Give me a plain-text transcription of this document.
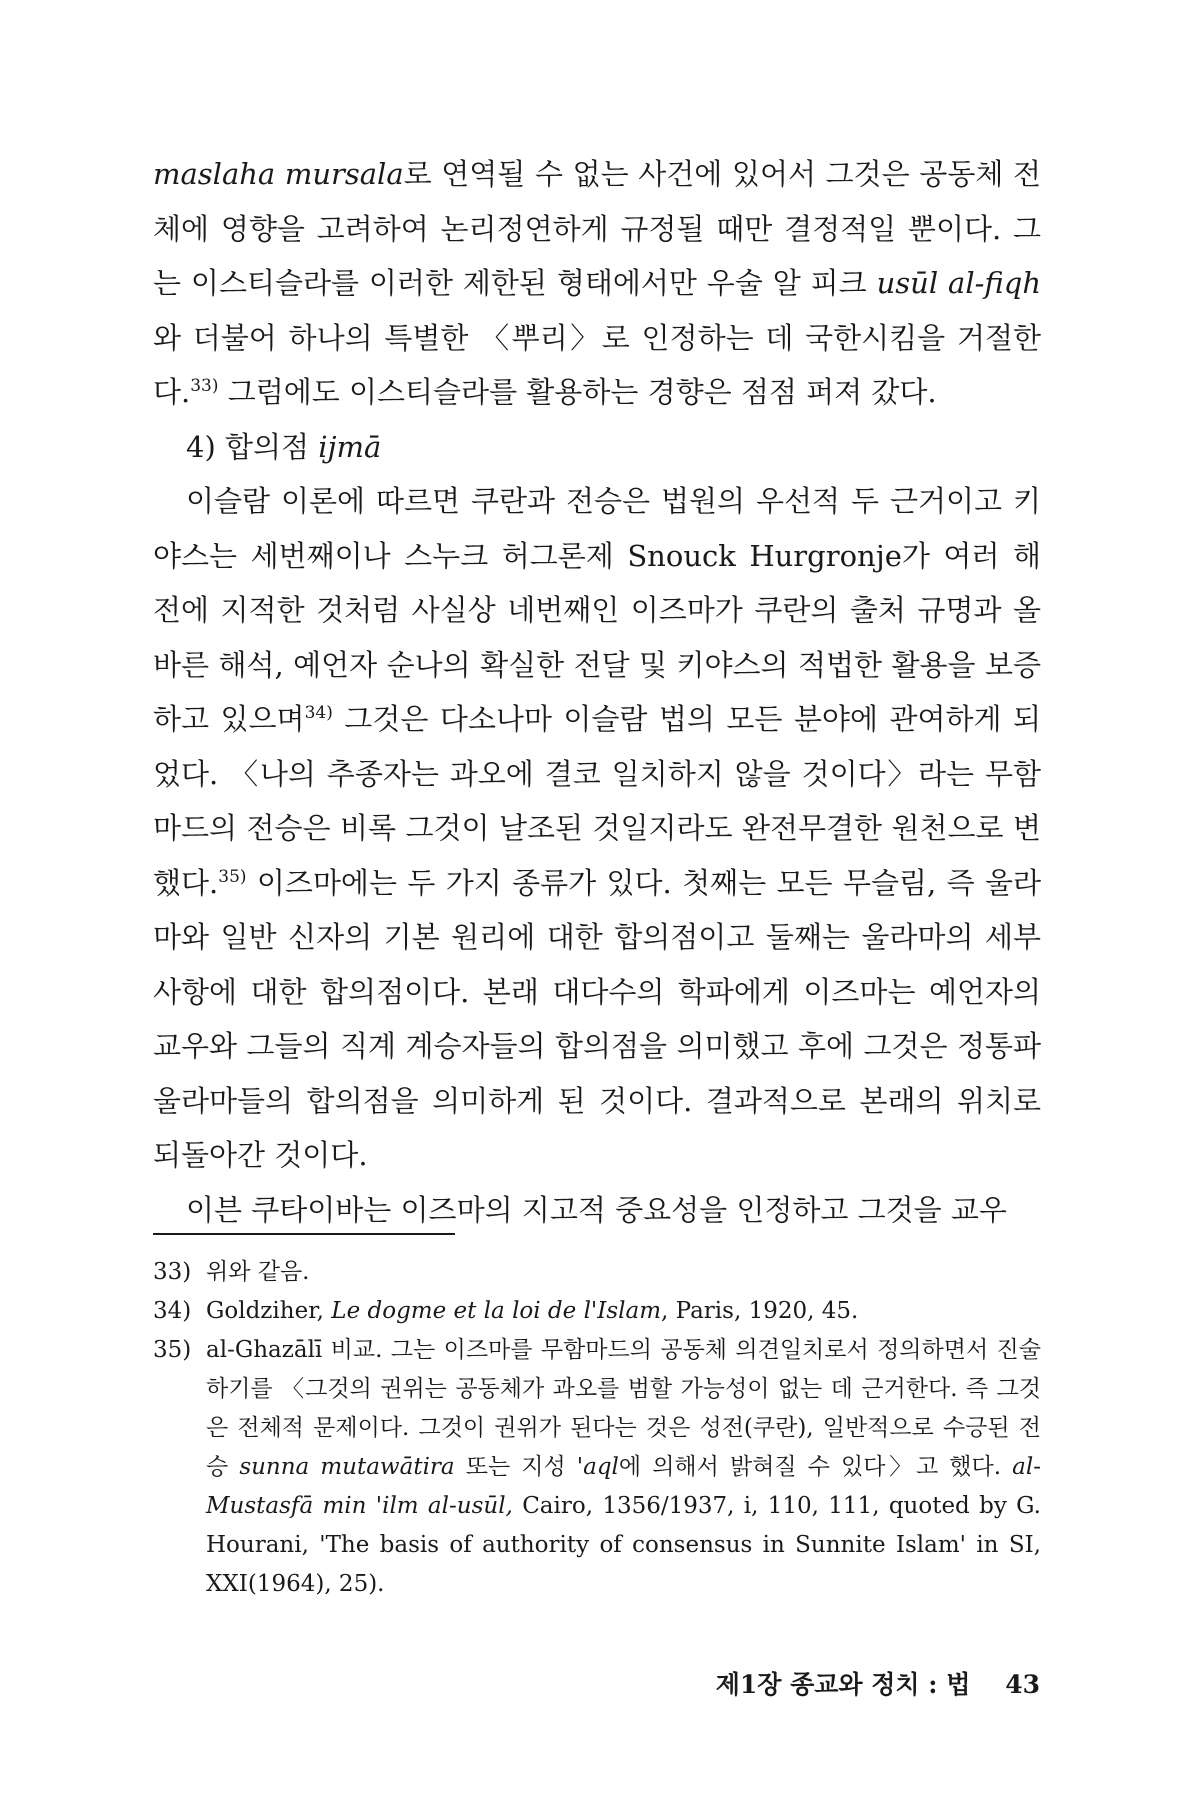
maslaha mursala로 연역될 수 없는 사건에 있어서 그것은 공동체 전체에 영향을 고려하여 논리정연하게 규정될 때만 결정적일 뿐이다. 그는 이스티슬라를 이러한 제한된 형태에서만 우술 알 피크 usūl al-fiqh와 더불어 하나의 특별한 〈뿌리〉로 인정하는 데 국한시킴을 거절한다.$^{33)}$ 그럼에도 이스티슬라를 활용하는 경향은 점점 퍼져 갔다.

4) 합의점 ijmā

이슬람 이론에 따르면 쿠란과 전승은 법원의 우선적 두 근거이고 키야스는 세번째이나 스누크 허그론제 Snouck Hurgronje가 여러 해 전에 지적한 것처럼 사실상 네번째인 이즈마가 쿠란의 출처 규명과 올바른 해석, 예언자 순나의 확실한 전달 및 키야스의 적법한 활용을 보증하고 있으며$^{34)}$ 그것은 다소나마 이슬람 법의 모든 분야에 관여하게 되었다. 〈나의 추종자는 과오에 결코 일치하지 않을 것이다〉라는 무함마드의 전승은 비록 그것이 날조된 것일지라도 완전무결한 원천으로 변했다.$^{35)}$ 이즈마에는 두 가지 종류가 있다. 첫째는 모든 무슬림, 즉 울라마와 일반 신자의 기본 원리에 대한 합의점이고 둘째는 울라마의 세부사항에 대한 합의점이다. 본래 대다수의 학파에게 이즈마는 예언자의 교우와 그들의 직계 계승자들의 합의점을 의미했고 후에 그것은 정통파 울라마들의 합의점을 의미하게 된 것이다. 결과적으로 본래의 위치로 되돌아간 것이다.

이븐 쿠타이바는 이즈마의 지고적 중요성을 인정하고 그것을 교우

33) 위와 같음.
34) Goldziher, Le dogme et la loi de l'Islam, Paris, 1920, 45.
35) al-Ghazālī 비교. 그는 이즈마를 무함마드의 공동체 의견일치로서 정의하면서 진술하기를 〈그것의 권위는 공동체가 과오를 범할 가능성이 없는 데 근거한다. 즉 그것은 전체적 문제이다. 그것이 권위가 된다는 것은 성전(쿠란), 일반적으로 수긍된 전승 sunna mutawātira 또는 지성 'aql에 의해서 밝혀질 수 있다〉고 했다. al-Mustasfā min 'ilm al-usūl, Cairo, 1356/1937, i, 110, 111, quoted by G. Hourani, 'The basis of authority of consensus in Sunnite Islam' in SI, XXI(1964), 25).
제1장 종교와 정치 : 법 43
